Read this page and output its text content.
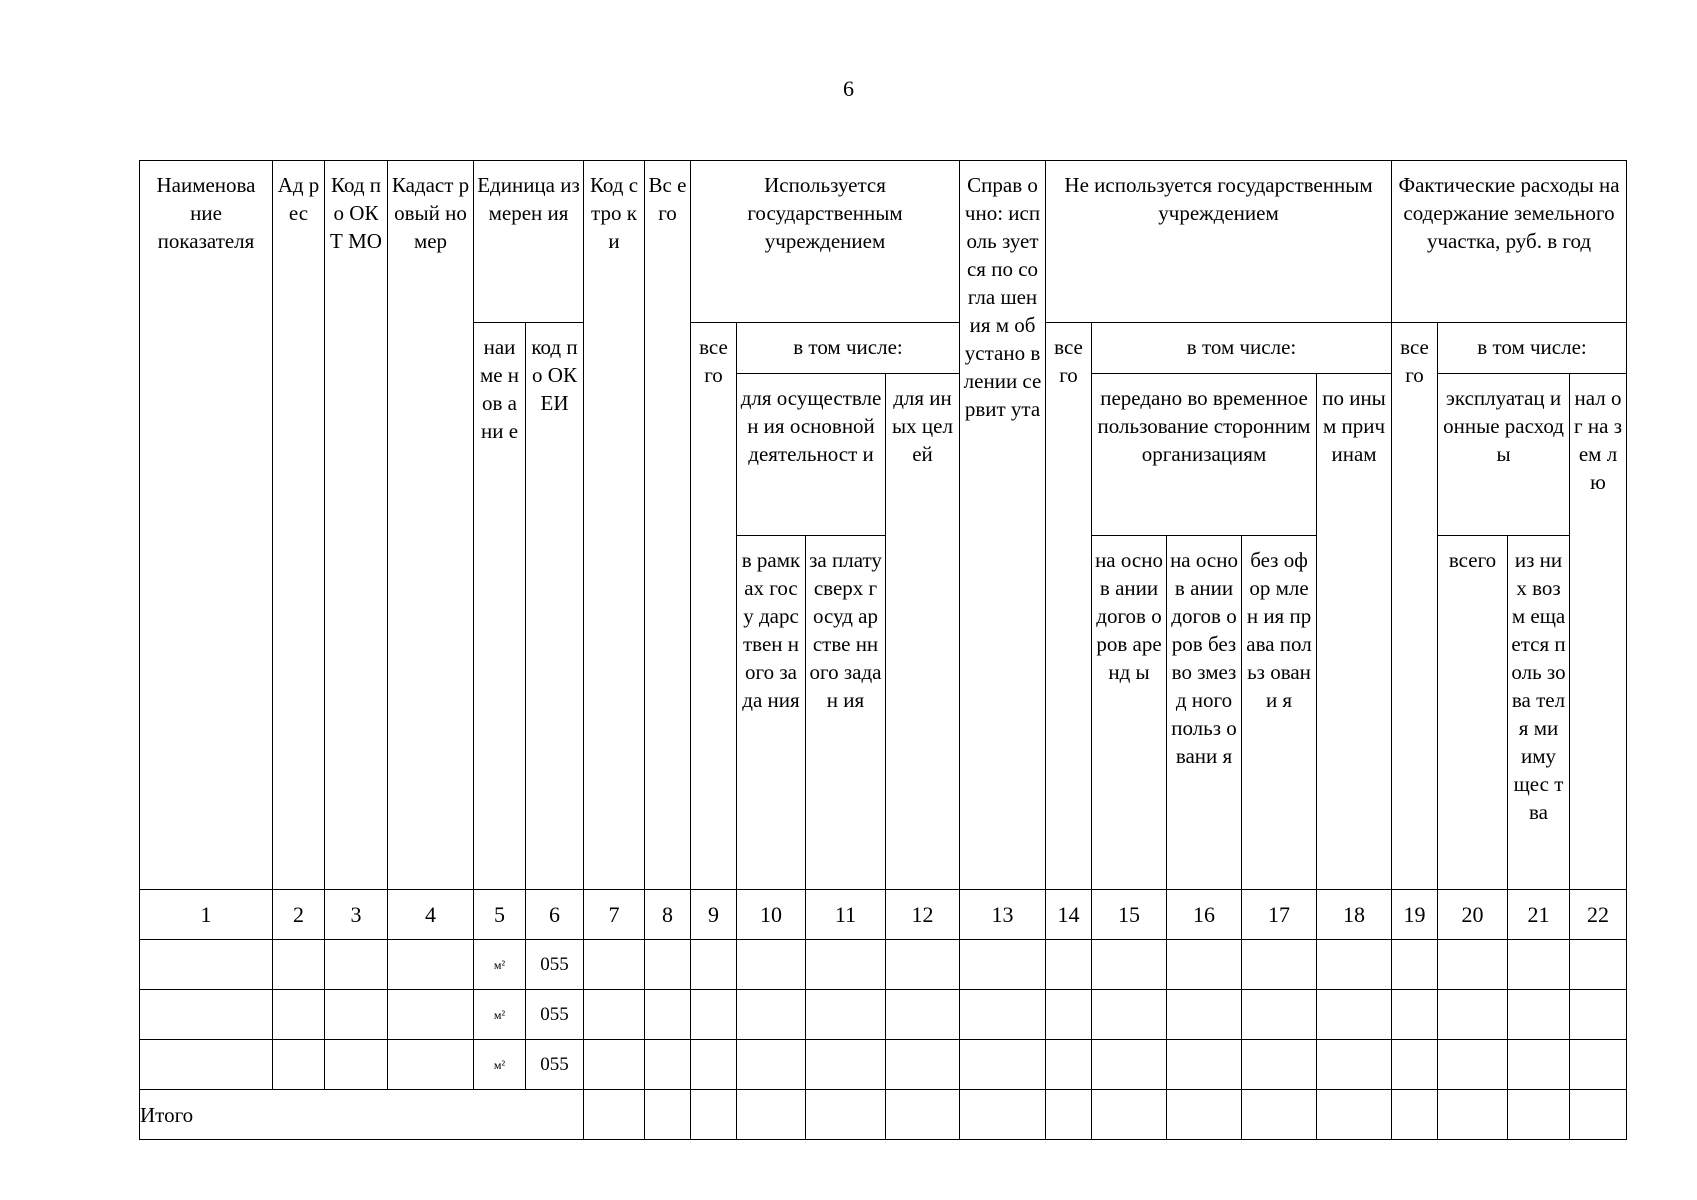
6
Наименова ние показателя	Ад рес	Код по ОКТ МО	Кадаст ровый номер	Единица измерен ия		Код стро ки	Вс его	Используется государственным учреждением				Справ очно: исполь зуется по согла шения м об устано влении сервит ута	Не используется государственным учреждением					Фактические расходы на содержание земельного участка, руб. в год			
				наи ме нов ани е	код по ОК ЕИ			все го	в том числе:				все го	в том числе:				все го	в том числе:		
									для осуществлен ия основной деятельност и		для иных целей			передано во временное пользование сторонним организациям			по иным прич инам		эксплуатац ионные расходы		нал ог на зем лю
									в рамк ах госу дарс твен ного зада ния	за плату сверх госуд арстве нного задан ия				на основ ании догов оров аренд ы	на основ ании догов оров безво змезд ного польз овани я	без офор млен ия права польз овани я			всего	из них возм еща ется поль зова теля ми иму щес тва	
1	2	3	4	5	6	7	8	9	10	11	12	13	14	15	16	17	18	19	20	21	22
				м²	055																
				м²	055																
				м²	055																
Итого																					
